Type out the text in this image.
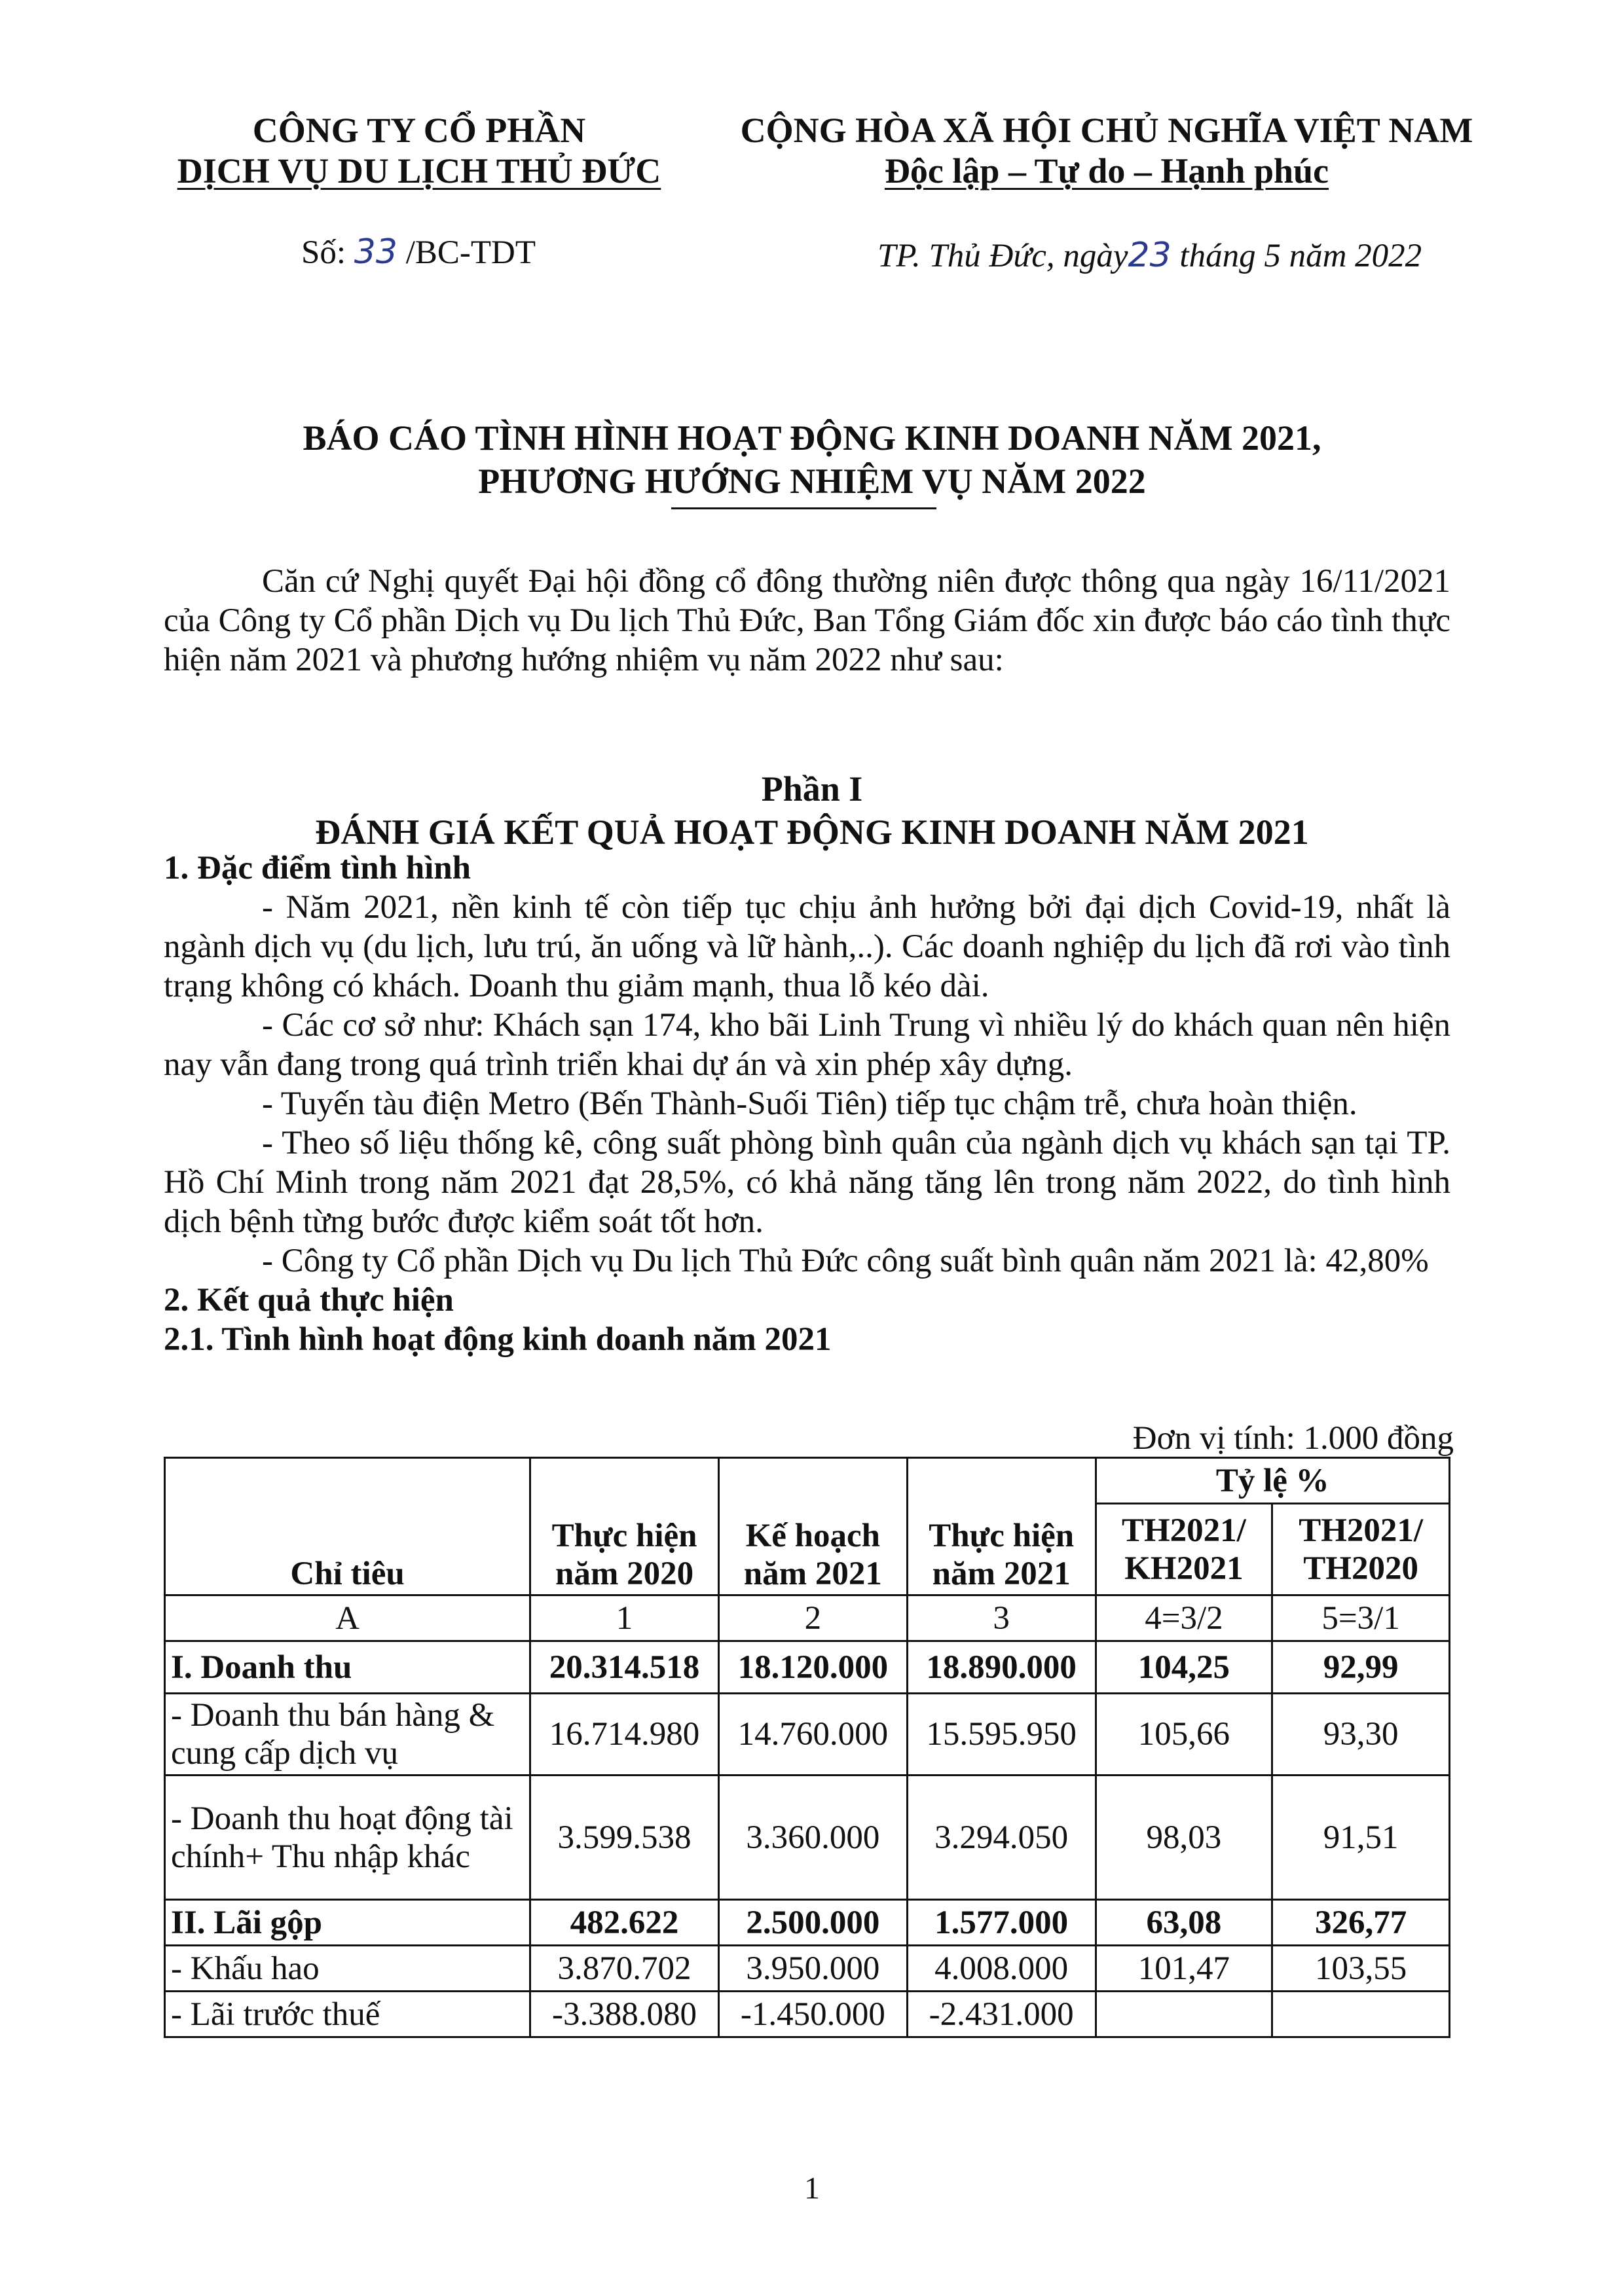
CÔNG TY CỔ PHẦN
DỊCH VỤ DU LỊCH THỦ ĐỨC
CỘNG HÒA XÃ HỘI CHỦ NGHĨA VIỆT NAM
Độc lập – Tự do – Hạnh phúc
Số: 33 /BC-TDT	TP. Thủ Đức, ngày23 tháng 5 năm 2022
BÁO CÁO TÌNH HÌNH HOẠT ĐỘNG KINH DOANH NĂM 2021,
PHƯƠNG HƯỚNG NHIỆM VỤ NĂM 2022

Căn cứ Nghị quyết Đại hội đồng cổ đông thường niên được thông qua ngày 16/11/2021 của Công ty Cổ phần Dịch vụ Du lịch Thủ Đức, Ban Tổng Giám đốc xin được báo cáo tình thực hiện năm 2021 và phương hướng nhiệm vụ năm 2022 như sau:

Phần I
ĐÁNH GIÁ KẾT QUẢ HOẠT ĐỘNG KINH DOANH NĂM 2021

1. Đặc điểm tình hình

- Năm 2021, nền kinh tế còn tiếp tục chịu ảnh hưởng bởi đại dịch Covid-19, nhất là ngành dịch vụ (du lịch, lưu trú, ăn uống và lữ hành,..). Các doanh nghiệp du lịch đã rơi vào tình trạng không có khách. Doanh thu giảm mạnh, thua lỗ kéo dài.

- Các cơ sở như: Khách sạn 174, kho bãi Linh Trung vì nhiều lý do khách quan nên hiện nay vẫn đang trong quá trình triển khai dự án và xin phép xây dựng.

- Tuyến tàu điện Metro (Bến Thành-Suối Tiên) tiếp tục chậm trễ, chưa hoàn thiện.

- Theo số liệu thống kê, công suất phòng bình quân của ngành dịch vụ khách sạn tại TP. Hồ Chí Minh trong năm 2021 đạt 28,5%, có khả năng tăng lên trong năm 2022, do tình hình dịch bệnh từng bước được kiểm soát tốt hơn.

- Công ty Cổ phần Dịch vụ Du lịch Thủ Đức công suất bình quân năm 2021 là: 42,80%

2. Kết quả thực hiện

2.1. Tình hình hoạt động kinh doanh năm 2021

Đơn vị tính: 1.000 đồng
Chỉ tiêu	Thực hiện năm 2020	Kế hoạch năm 2021	Thực hiện năm 2021	Tỷ lệ %	
				TH2021/ KH2021	TH2021/ TH2020
A	1	2	3	4=3/2	5=3/1
I. Doanh thu	20.314.518	18.120.000	18.890.000	104,25	92,99
- Doanh thu bán hàng & cung cấp dịch vụ	16.714.980	14.760.000	15.595.950	105,66	93,30
- Doanh thu hoạt động tài chính+ Thu nhập khác	3.599.538	3.360.000	3.294.050	98,03	91,51
II. Lãi gộp	482.622	2.500.000	1.577.000	63,08	326,77
- Khấu hao	3.870.702	3.950.000	4.008.000	101,47	103,55
- Lãi trước thuế	-3.388.080	-1.450.000	-2.431.000		
1
